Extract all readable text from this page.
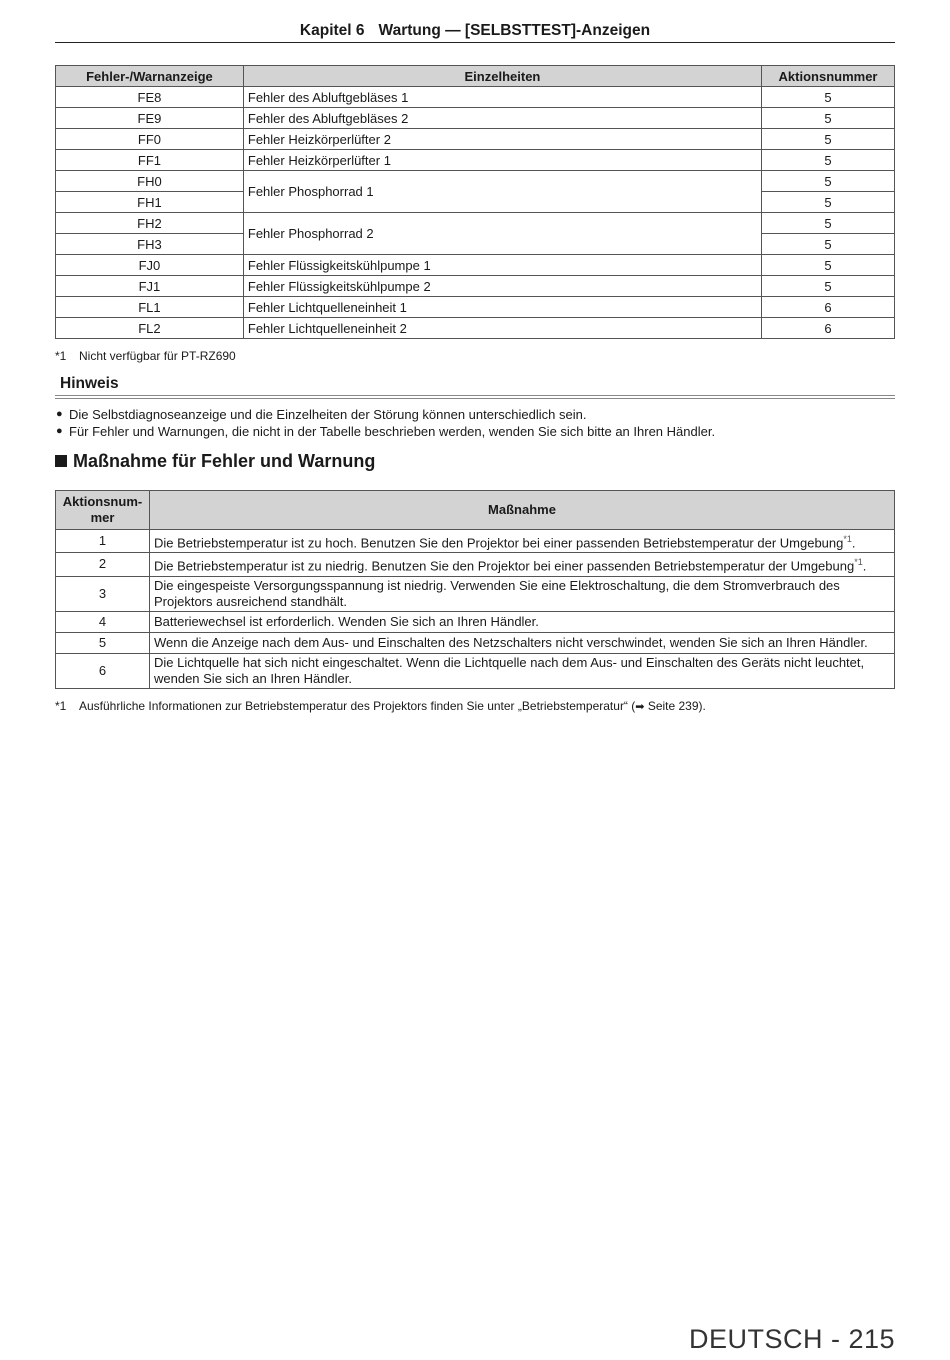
Kapitel 6 Wartung — [SELBSTTEST]-Anzeigen
Fehler-/Warnanzeige	Einzelheiten	Aktionsnummer
FE8	Fehler des Abluftgebläses 1	5
FE9	Fehler des Abluftgebläses 2	5
FF0	Fehler Heizkörperlüfter 2	5
FF1	Fehler Heizkörperlüfter 1	5
FH0	Fehler Phosphorrad 1	5
FH1		5
FH2	Fehler Phosphorrad 2	5
FH3		5
FJ0	Fehler Flüssigkeitskühlpumpe 1	5
FJ1	Fehler Flüssigkeitskühlpumpe 2	5
FL1	Fehler Lichtquelleneinheit 1	6
FL2	Fehler Lichtquelleneinheit 2	6
*1 Nicht verfügbar für PT-RZ690
Hinweis
● Die Selbstdiagnoseanzeige und die Einzelheiten der Störung können unterschiedlich sein.
● Für Fehler und Warnungen, die nicht in der Tabelle beschrieben werden, wenden Sie sich bitte an Ihren Händler.
Maßnahme für Fehler und Warnung
Aktionsnum-mer	Maßnahme
1	Die Betriebstemperatur ist zu hoch. Benutzen Sie den Projektor bei einer passenden Betriebstemperatur der Umgebung$^{*1}$.
2	Die Betriebstemperatur ist zu niedrig. Benutzen Sie den Projektor bei einer passenden Betriebstemperatur der Umgebung$^{*1}$.
3	Die eingespeiste Versorgungsspannung ist niedrig. Verwenden Sie eine Elektroschaltung, die dem Stromverbrauch des Projektors ausreichend standhält.
4	Batteriewechsel ist erforderlich. Wenden Sie sich an Ihren Händler.
5	Wenn die Anzeige nach dem Aus- und Einschalten des Netzschalters nicht verschwindet, wenden Sie sich an Ihren Händler.
6	Die Lichtquelle hat sich nicht eingeschaltet. Wenn die Lichtquelle nach dem Aus- und Einschalten des Geräts nicht leuchtet, wenden Sie sich an Ihren Händler.
*1 Ausführliche Informationen zur Betriebstemperatur des Projektors finden Sie unter „Betriebstemperatur“ (➡ Seite 239).
DEUTSCH - 215
